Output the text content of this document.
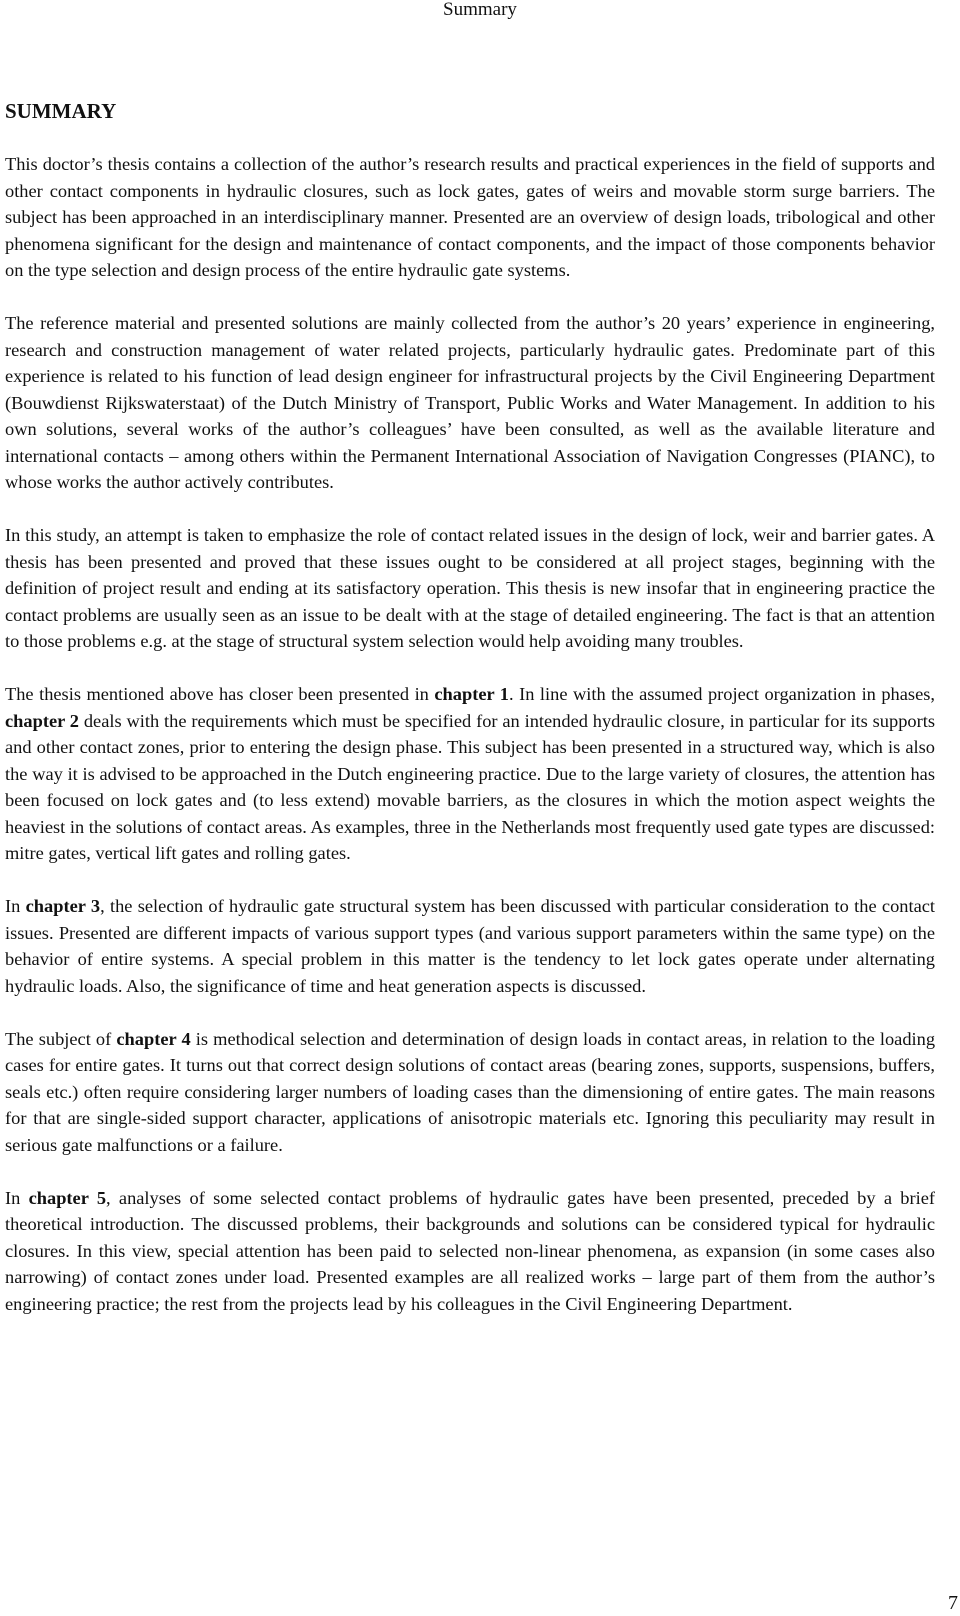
Summary
SUMMARY

This doctor’s thesis contains a collection of the author’s research results and practical experiences in the field of supports and other contact components in hydraulic closures, such as lock gates, gates of weirs and movable storm surge barriers. The subject has been approached in an interdisciplinary manner. Presented are an overview of design loads, tribological and other phenomena significant for the design and maintenance of contact components, and the impact of those components behavior on the type selection and design process of the entire hydraulic gate systems.

The reference material and presented solutions are mainly collected from the author’s 20 years’ experience in engineering, research and construction management of water related projects, particularly hydraulic gates. Predominate part of this experience is related to his function of lead design engineer for infrastructural projects by the Civil Engineering Department (Bouwdienst Rijkswaterstaat) of the Dutch Ministry of Transport, Public Works and Water Management. In addition to his own solutions, several works of the author’s colleagues’ have been consulted, as well as the available literature and international contacts – among others within the Permanent International Association of Navigation Congresses (PIANC), to whose works the author actively contributes.

In this study, an attempt is taken to emphasize the role of contact related issues in the design of lock, weir and barrier gates. A thesis has been presented and proved that these issues ought to be considered at all project stages, beginning with the definition of project result and ending at its satisfactory operation. This thesis is new insofar that in engineering practice the contact problems are usually seen as an issue to be dealt with at the stage of detailed engineering. The fact is that an attention to those problems e.g. at the stage of structural system selection would help avoiding many troubles.

The thesis mentioned above has closer been presented in chapter 1. In line with the assumed project organization in phases, chapter 2 deals with the requirements which must be specified for an intended hydraulic closure, in particular for its supports and other contact zones, prior to entering the design phase. This subject has been presented in a structured way, which is also the way it is advised to be approached in the Dutch engineering practice. Due to the large variety of closures, the attention has been focused on lock gates and (to less extend) movable barriers, as the closures in which the motion aspect weights the heaviest in the solutions of contact areas. As examples, three in the Netherlands most frequently used gate types are discussed: mitre gates, vertical lift gates and rolling gates.

In chapter 3, the selection of hydraulic gate structural system has been discussed with particular consideration to the contact issues. Presented are different impacts of various support types (and various support parameters within the same type) on the behavior of entire systems. A special problem in this matter is the tendency to let lock gates operate under alternating hydraulic loads. Also, the significance of time and heat generation aspects is discussed.

The subject of chapter 4 is methodical selection and determination of design loads in contact areas, in relation to the loading cases for entire gates. It turns out that correct design solutions of contact areas (bearing zones, supports, suspensions, buffers, seals etc.) often require considering larger numbers of loading cases than the dimensioning of entire gates. The main reasons for that are single-sided support character, applications of anisotropic materials etc. Ignoring this peculiarity may result in serious gate malfunctions or a failure.

In chapter 5, analyses of some selected contact problems of hydraulic gates have been presented, preceded by a brief theoretical introduction. The discussed problems, their backgrounds and solutions can be considered typical for hydraulic closures. In this view, special attention has been paid to selected non-linear phenomena, as expansion (in some cases also narrowing) of contact zones under load. Presented examples are all realized works – large part of them from the author’s engineering practice; the rest from the projects lead by his colleagues in the Civil Engineering Department.

7
